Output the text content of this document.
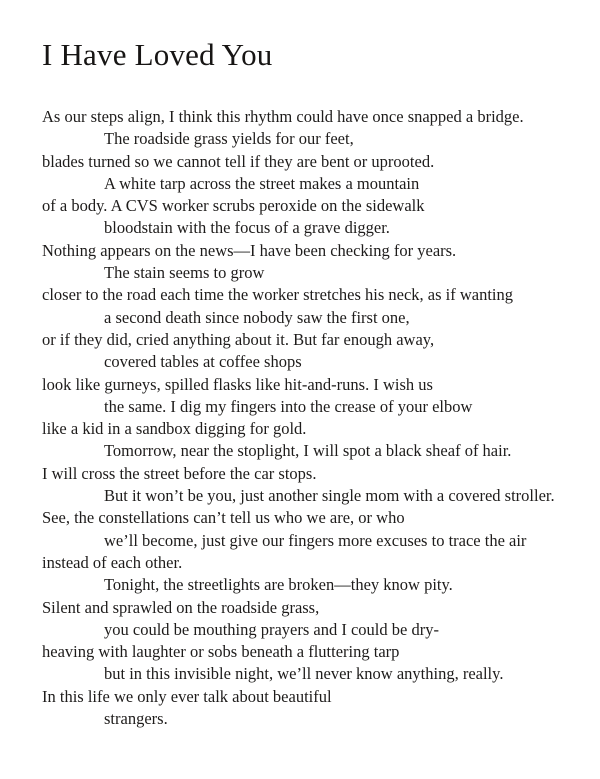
I Have Loved You
As our steps align, I think this rhythm could have once snapped a bridge.
The roadside grass yields for our feet,
blades turned so we cannot tell if they are bent or uprooted.
A white tarp across the street makes a mountain
of a body. A CVS worker scrubs peroxide on the sidewalk
bloodstain with the focus of a grave digger.
Nothing appears on the news—I have been checking for years.
The stain seems to grow
closer to the road each time the worker stretches his neck, as if wanting
a second death since nobody saw the first one,
or if they did, cried anything about it. But far enough away,
covered tables at coffee shops
look like gurneys, spilled flasks like hit-and-runs. I wish us
the same. I dig my fingers into the crease of your elbow
like a kid in a sandbox digging for gold.
Tomorrow, near the stoplight, I will spot a black sheaf of hair.
I will cross the street before the car stops.
But it won’t be you, just another single mom with a covered stroller.
See, the constellations can’t tell us who we are, or who
we’ll become, just give our fingers more excuses to trace the air
instead of each other.
Tonight, the streetlights are broken—they know pity.
Silent and sprawled on the roadside grass,
you could be mouthing prayers and I could be dry-
heaving with laughter or sobs beneath a fluttering tarp
but in this invisible night, we’ll never know anything, really.
In this life we only ever talk about beautiful
strangers.
